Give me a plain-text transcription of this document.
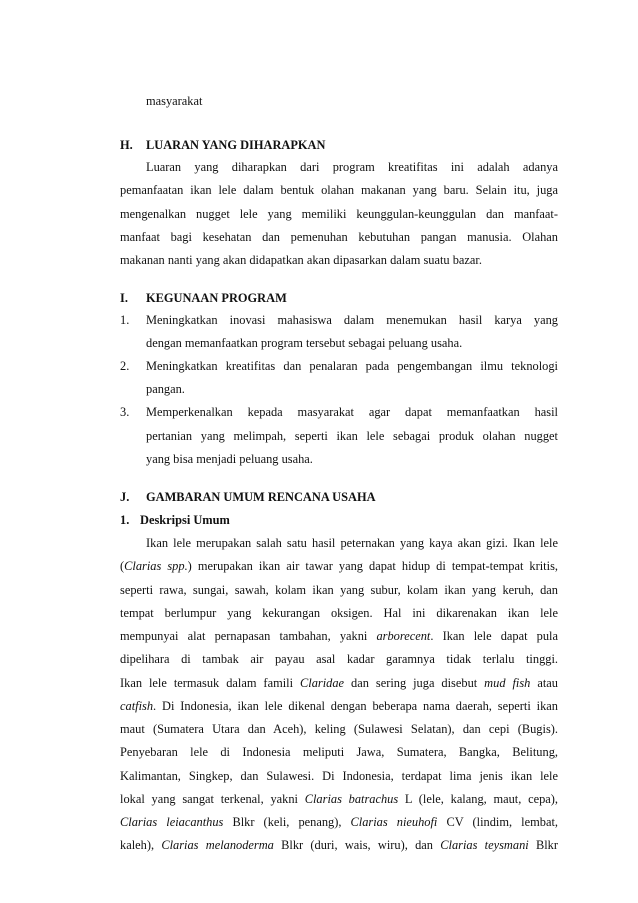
masyarakat
H. LUARAN YANG DIHARAPKAN
Luaran yang diharapkan dari program kreatifitas ini adalah adanya
pemanfaatan ikan lele dalam bentuk olahan makanan yang baru. Selain itu, juga
mengenalkan nugget lele yang memiliki keunggulan-keunggulan dan manfaat-
manfaat bagi kesehatan dan pemenuhan kebutuhan pangan manusia. Olahan
makanan nanti yang akan didapatkan akan dipasarkan dalam suatu bazar.
I. KEGUNAAN PROGRAM
1. Meningkatkan inovasi mahasiswa dalam menemukan hasil karya yang
dengan memanfaatkan program tersebut sebagai peluang usaha.
2. Meningkatkan kreatifitas dan penalaran pada pengembangan ilmu teknologi
pangan.
3. Memperkenalkan kepada masyarakat agar dapat memanfaatkan hasil
pertanian yang melimpah, seperti ikan lele sebagai produk olahan nugget
yang bisa menjadi peluang usaha.
J. GAMBARAN UMUM RENCANA USAHA
1. Deskripsi Umum
Ikan lele merupakan salah satu hasil peternakan yang kaya akan gizi. Ikan lele
(Clarias spp.) merupakan ikan air tawar yang dapat hidup di tempat-tempat kritis,
seperti rawa, sungai, sawah, kolam ikan yang subur, kolam ikan yang keruh, dan
tempat berlumpur yang kekurangan oksigen. Hal ini dikarenakan ikan lele
mempunyai alat pernapasan tambahan, yakni arborecent. Ikan lele dapat pula
dipelihara di tambak air payau asal kadar garamnya tidak terlalu tinggi.
Ikan lele termasuk dalam famili Claridae dan sering juga disebut mud fish atau
catfish. Di Indonesia, ikan lele dikenal dengan beberapa nama daerah, seperti ikan
maut (Sumatera Utara dan Aceh), keling (Sulawesi Selatan), dan cepi (Bugis).
Penyebaran lele di Indonesia meliputi Jawa, Sumatera, Bangka, Belitung,
Kalimantan, Singkep, dan Sulawesi. Di Indonesia, terdapat lima jenis ikan lele
lokal yang sangat terkenal, yakni Clarias batrachus L (lele, kalang, maut, cepa),
Clarias leiacanthus Blkr (keli, penang), Clarias nieuhofi CV (lindim, lembat,
kaleh), Clarias melanoderma Blkr (duri, wais, wiru), dan Clarias teysmani Blkr
